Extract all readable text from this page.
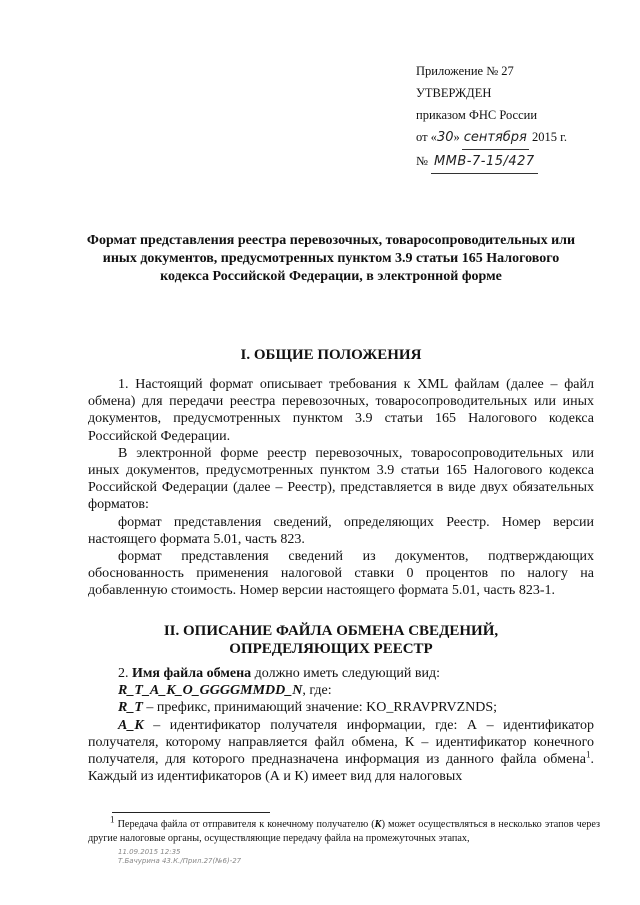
Приложение № 27
УТВЕРЖДЕН
приказом ФНС России
от «30» сентября 2015 г.
№ ММВ-7-15/427
Формат представления реестра перевозочных, товаросопроводительных или иных документов, предусмотренных пунктом 3.9 статьи 165 Налогового кодекса Российской Федерации, в электронной форме
I. ОБЩИЕ ПОЛОЖЕНИЯ

1. Настоящий формат описывает требования к XML файлам (далее – файл обмена) для передачи реестра перевозочных, товаросопроводительных или иных документов, предусмотренных пунктом 3.9 статьи 165 Налогового кодекса Российской Федерации.

В электронной форме реестр перевозочных, товаросопроводительных или иных документов, предусмотренных пунктом 3.9 статьи 165 Налогового кодекса Российской Федерации (далее – Реестр), представляется в виде двух обязательных форматов:

формат представления сведений, определяющих Реестр. Номер версии настоящего формата 5.01, часть 823.

формат представления сведений из документов, подтверждающих обоснованность применения налоговой ставки 0 процентов по налогу на добавленную стоимость. Номер версии настоящего формата 5.01, часть 823-1.

II. ОПИСАНИЕ ФАЙЛА ОБМЕНА СВЕДЕНИЙ, ОПРЕДЕЛЯЮЩИХ РЕЕСТР

2. Имя файла обмена должно иметь следующий вид:

R_T_A_K_O_GGGGMMDD_N, где:

R_T – префикс, принимающий значение: KO_RRAVPRVZNDS;

A_K – идентификатор получателя информации, где: А – идентификатор получателя, которому направляется файл обмена, К – идентификатор конечного получателя, для которого предназначена информация из данного файла обмена$^1$. Каждый из идентификаторов (А и К) имеет вид для налоговых

$^1$ Передача файла от отправителя к конечному получателю (К) может осуществляться в несколько этапов через другие налоговые органы, осуществляющие передачу файла на промежуточных этапах,

11.09.2015 12:35
Т.Бачурина 43.К./Прил.27(№6)-27
